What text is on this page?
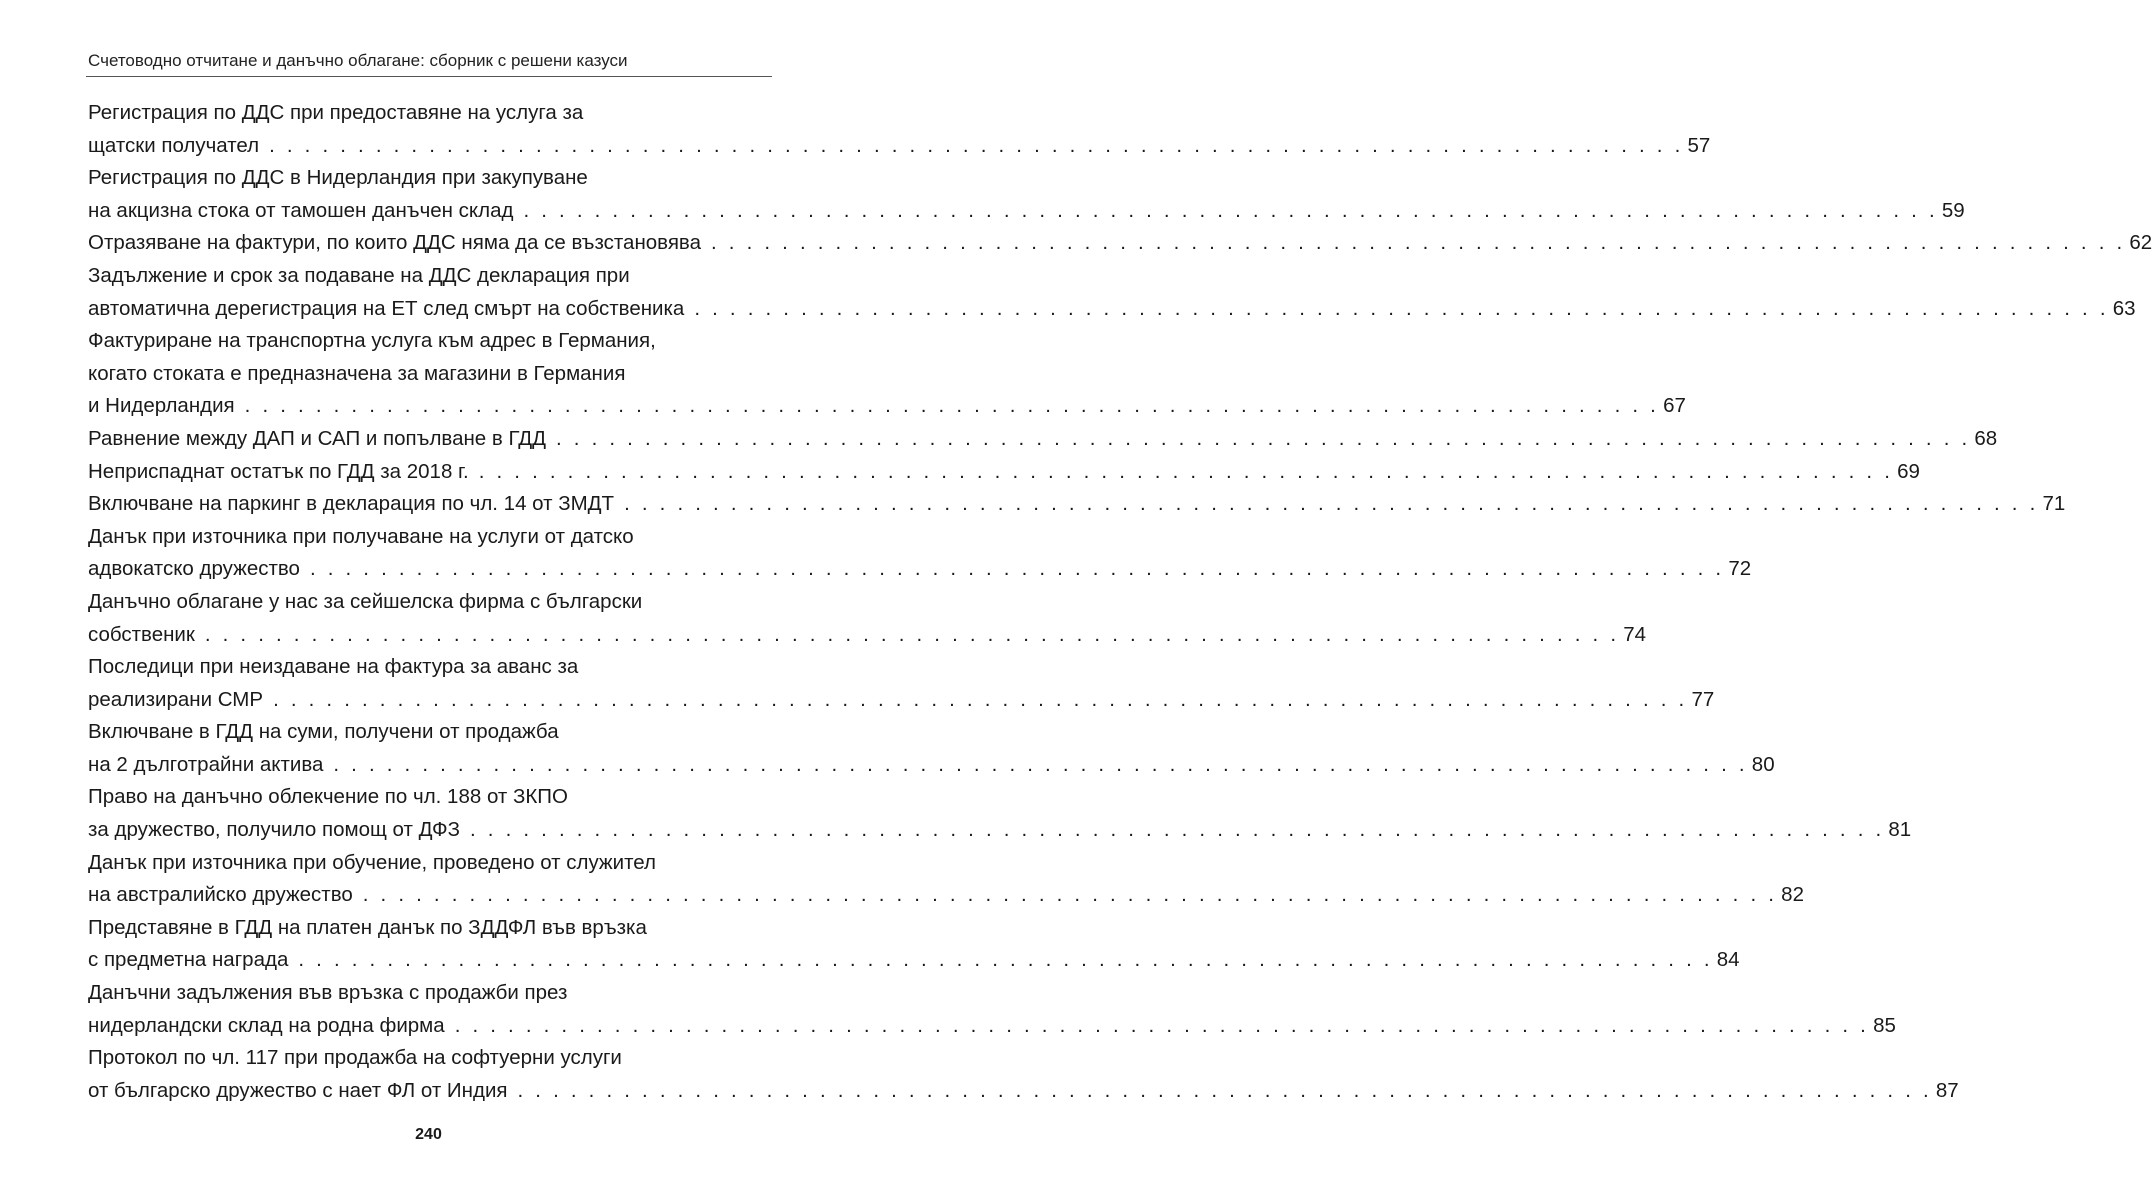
Счетоводно отчитане и данъчно облагане: сборник с решени казуси
Регистрация по ДДС при предоставяне на услуга за
щатски получател . . . . . . . . . . . . . . . . . . . . . . . . . . . . . . . . . . . . . . . . . . . . . . . . . . . . . . . . . . . . . . . . . . . . . . . . . . . . . . . . 57
Регистрация по ДДС в Нидерландия при закупуване
на акцизна стока от тамошен данъчен склад . . . . . . . . . . . . . . . . . . . . . . . . . . . . . . . . . . . . . . . . . . . . . . . . . . . . . . . . . . . . . . . . . . . . . . . . . . . . . . . . 59
Отразяване на фактури, по които ДДС няма да се възстановява . . . . . . . . . . . . . . . . . . . . . . . . . . . . . . . . . . . . . . . . . . . . . . . . . . . . . . . . . . . . . . . . . . . . . . . . . . . . . . . . 62
Задължение и срок за подаване на ДДС декларация при
автоматична дерегистрация на ЕТ след смърт на собственика . . . . . . . . . . . . . . . . . . . . . . . . . . . . . . . . . . . . . . . . . . . . . . . . . . . . . . . . . . . . . . . . . . . . . . . . . . . . . . . . 63
Фактуриране на транспортна услуга към адрес в Германия,
когато стоката е предназначена за магазини в Германия
и Нидерландия . . . . . . . . . . . . . . . . . . . . . . . . . . . . . . . . . . . . . . . . . . . . . . . . . . . . . . . . . . . . . . . . . . . . . . . . . . . . . . . . 67
Равнение между ДАП и САП и попълване в ГДД . . . . . . . . . . . . . . . . . . . . . . . . . . . . . . . . . . . . . . . . . . . . . . . . . . . . . . . . . . . . . . . . . . . . . . . . . . . . . . . . 68
Неприспаднат остатък по ГДД за 2018 г. . . . . . . . . . . . . . . . . . . . . . . . . . . . . . . . . . . . . . . . . . . . . . . . . . . . . . . . . . . . . . . . . . . . . . . . . . . . . . . . . 69
Включване на паркинг в декларация по чл. 14 от ЗМДТ . . . . . . . . . . . . . . . . . . . . . . . . . . . . . . . . . . . . . . . . . . . . . . . . . . . . . . . . . . . . . . . . . . . . . . . . . . . . . . . . 71
Данък при източника при получаване на услуги от датско
адвокатско дружество . . . . . . . . . . . . . . . . . . . . . . . . . . . . . . . . . . . . . . . . . . . . . . . . . . . . . . . . . . . . . . . . . . . . . . . . . . . . . . . . 72
Данъчно облагане у нас за сейшелска фирма с български
собственик . . . . . . . . . . . . . . . . . . . . . . . . . . . . . . . . . . . . . . . . . . . . . . . . . . . . . . . . . . . . . . . . . . . . . . . . . . . . . . . . 74
Последици при неиздаване на фактура за аванс за
реализирани СМР . . . . . . . . . . . . . . . . . . . . . . . . . . . . . . . . . . . . . . . . . . . . . . . . . . . . . . . . . . . . . . . . . . . . . . . . . . . . . . . . 77
Включване в ГДД на суми, получени от продажба
на 2 дълготрайни актива . . . . . . . . . . . . . . . . . . . . . . . . . . . . . . . . . . . . . . . . . . . . . . . . . . . . . . . . . . . . . . . . . . . . . . . . . . . . . . . . 80
Право на данъчно облекчение по чл. 188 от ЗКПО
за дружество, получило помощ от ДФЗ . . . . . . . . . . . . . . . . . . . . . . . . . . . . . . . . . . . . . . . . . . . . . . . . . . . . . . . . . . . . . . . . . . . . . . . . . . . . . . . . 81
Данък при източника при обучение, проведено от служител
на австралийско дружество . . . . . . . . . . . . . . . . . . . . . . . . . . . . . . . . . . . . . . . . . . . . . . . . . . . . . . . . . . . . . . . . . . . . . . . . . . . . . . . . 82
Представяне в ГДД на платен данък по ЗДДФЛ във връзка
с предметна награда . . . . . . . . . . . . . . . . . . . . . . . . . . . . . . . . . . . . . . . . . . . . . . . . . . . . . . . . . . . . . . . . . . . . . . . . . . . . . . . . 84
Данъчни задължения във връзка с продажби през
нидерландски склад на родна фирма . . . . . . . . . . . . . . . . . . . . . . . . . . . . . . . . . . . . . . . . . . . . . . . . . . . . . . . . . . . . . . . . . . . . . . . . . . . . . . . . 85
Протокол по чл. 117 при продажба на софтуерни услуги
от българско дружество с нает ФЛ от Индия . . . . . . . . . . . . . . . . . . . . . . . . . . . . . . . . . . . . . . . . . . . . . . . . . . . . . . . . . . . . . . . . . . . . . . . . . . . . . . . . 87
240
